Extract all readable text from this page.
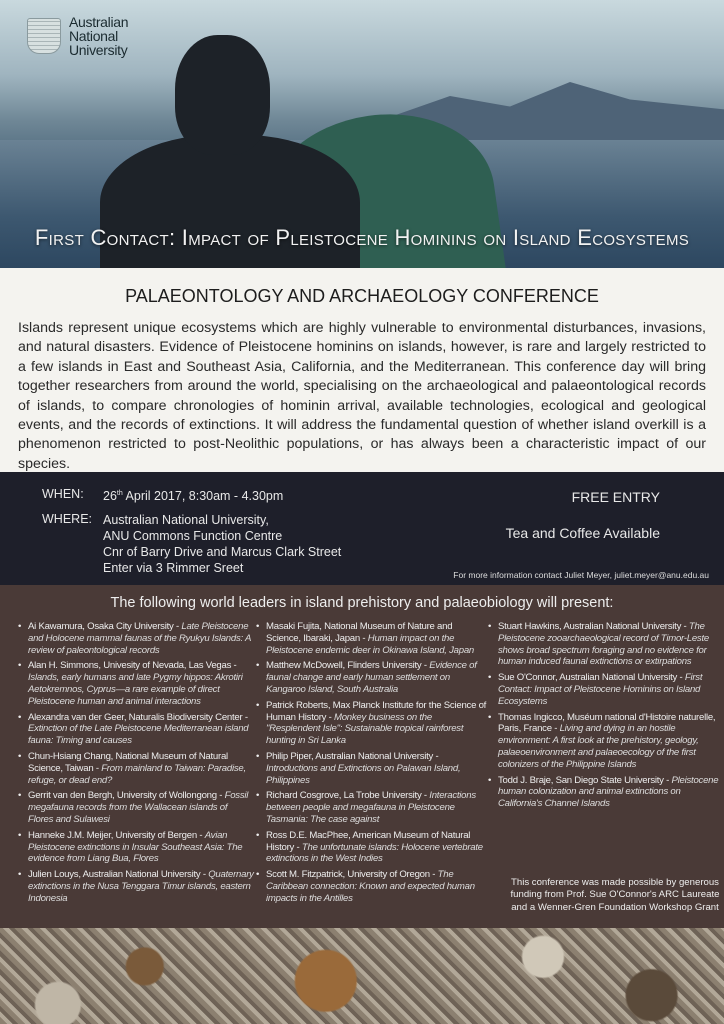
Australian
National
University
First Contact: Impact of Pleistocene Hominins on Island Ecosystems
PALAEONTOLOGY AND ARCHAEOLOGY CONFERENCE

Islands represent unique ecosystems which are highly vulnerable to environmental disturbances, invasions, and natural disasters. Evidence of Pleistocene hominins on islands, however, is rare and largely restricted to a few islands in East and Southeast Asia, California, and the Mediterranean. This conference day will bring together researchers from around the world, specialising on the archaeological and palaeontological records of islands, to compare chronologies of hominin arrival, available technologies, ecological and geological events, and the records of extinctions. It will address the fundamental question of whether island overkill is a phenomenon restricted to post-Neolithic populations, or has always been a characteristic impact of our species.

WHEN: 26th April 2017, 8:30am - 4.30pm
WHERE: Australian National University,
ANU Commons Function Centre
Cnr of Barry Drive and Marcus Clark Street
Enter via 3 Rimmer Sreet
FREE ENTRY
Tea and Coffee Available
For more information contact Juliet Meyer, juliet.meyer@anu.edu.au
The following world leaders in island prehistory and palaeobiology will present:
• Ai Kawamura, Osaka City University - Late Pleistocene and Holocene mammal faunas of the Ryukyu Islands: A review of paleontological records
• Alan H. Simmons, Univesity of Nevada, Las Vegas - Islands, early humans and late Pygmy hippos: Akrotiri Aetokremnos, Cyprus—a rare example of direct Pleistocene human and animal interactions
• Alexandra van der Geer, Naturalis Biodiversity Center - Extinction of the Late Pleistocene Mediterranean island fauna: Timing and causes
• Chun-Hsiang Chang, National Museum of Natural Science, Taiwan - From mainland to Taiwan: Paradise, refuge, or dead end?
• Gerrit van den Bergh, University of Wollongong - Fossil megafauna records from the Wallacean islands of Flores and Sulawesi
• Hanneke J.M. Meijer, University of Bergen - Avian Pleistocene extinctions in Insular Southeast Asia: The evidence from Liang Bua, Flores
• Julien Louys, Australian National University - Quaternary extinctions in the Nusa Tenggara Timur islands, eastern Indonesia
• Masaki Fujita, National Museum of Nature and Science, Ibaraki, Japan - Human impact on the Pleistocene endemic deer in Okinawa Island, Japan
• Matthew McDowell, Flinders University - Evidence of faunal change and early human settlement on Kangaroo Island, South Australia
• Patrick Roberts, Max Planck Institute for the Science of Human History - Monkey business on the "Resplendent Isle": Sustainable tropical rainforest hunting in Sri Lanka
• Philip Piper, Australian National University - Introductions and Extinctions on Palawan Island, Philippines
• Richard Cosgrove, La Trobe University - Interactions between people and megafauna in Pleistocene Tasmania: The case against
• Ross D.E. MacPhee, American Museum of Natural History - The unfortunate islands: Holocene vertebrate extinctions in the West Indies
• Scott M. Fitzpatrick, University of Oregon - The Caribbean connection: Known and expected human impacts in the Antilles
• Stuart Hawkins, Australian National University - The Pleistocene zooarchaeological record of Timor-Leste shows broad spectrum foraging and no evidence for human induced faunal extinctions or extirpations
• Sue O'Connor, Australian National University - First Contact: Impact of Pleistocene Hominins on Island Ecosystems
• Thomas Ingicco, Muséum national d'Histoire naturelle, Paris, France - Living and dying in an hostile environment: A first look at the prehistory, geology, palaeoenvironment and palaeoecology of the first colonizers of the Philippine Islands
• Todd J. Braje, San Diego State University - Pleistocene human colonization and animal extinctions on California's Channel Islands
This conference was made possible by generous funding from Prof. Sue O'Connor's ARC Laureate and a Wenner-Gren Foundation Workshop Grant
